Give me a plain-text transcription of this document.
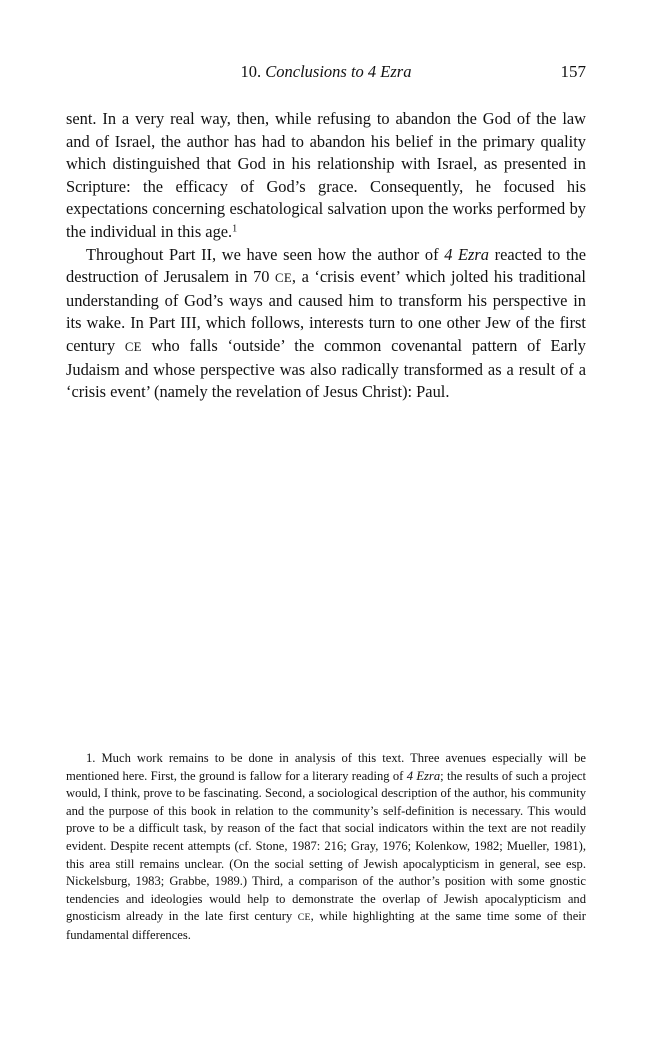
10. Conclusions to 4 Ezra	157

sent. In a very real way, then, while refusing to abandon the God of the law and of Israel, the author has had to abandon his belief in the primary quality which distinguished that God in his relationship with Israel, as presented in Scripture: the efficacy of God’s grace. Consequently, he focused his expectations concerning eschatological salvation upon the works performed by the individual in this age.$^1$

Throughout Part II, we have seen how the author of 4 Ezra reacted to the destruction of Jerusalem in 70 CE, a ‘crisis event’ which jolted his traditional understanding of God’s ways and caused him to transform his perspective in its wake. In Part III, which follows, interests turn to one other Jew of the first century CE who falls ‘outside’ the common covenantal pattern of Early Judaism and whose perspective was also radically transformed as a result of a ‘crisis event’ (namely the revelation of Jesus Christ): Paul.

1. Much work remains to be done in analysis of this text. Three avenues especially will be mentioned here. First, the ground is fallow for a literary reading of 4 Ezra; the results of such a project would, I think, prove to be fascinating. Second, a sociological description of the author, his community and the purpose of this book in relation to the community’s self-definition is necessary. This would prove to be a difficult task, by reason of the fact that social indicators within the text are not readily evident. Despite recent attempts (cf. Stone, 1987: 216; Gray, 1976; Kolenkow, 1982; Mueller, 1981), this area still remains unclear. (On the social setting of Jewish apocalypticism in general, see esp. Nickelsburg, 1983; Grabbe, 1989.) Third, a comparison of the author’s position with some gnostic tendencies and ideologies would help to demonstrate the overlap of Jewish apocalypticism and gnosticism already in the late first century CE, while highlighting at the same time some of their fundamental differences.
